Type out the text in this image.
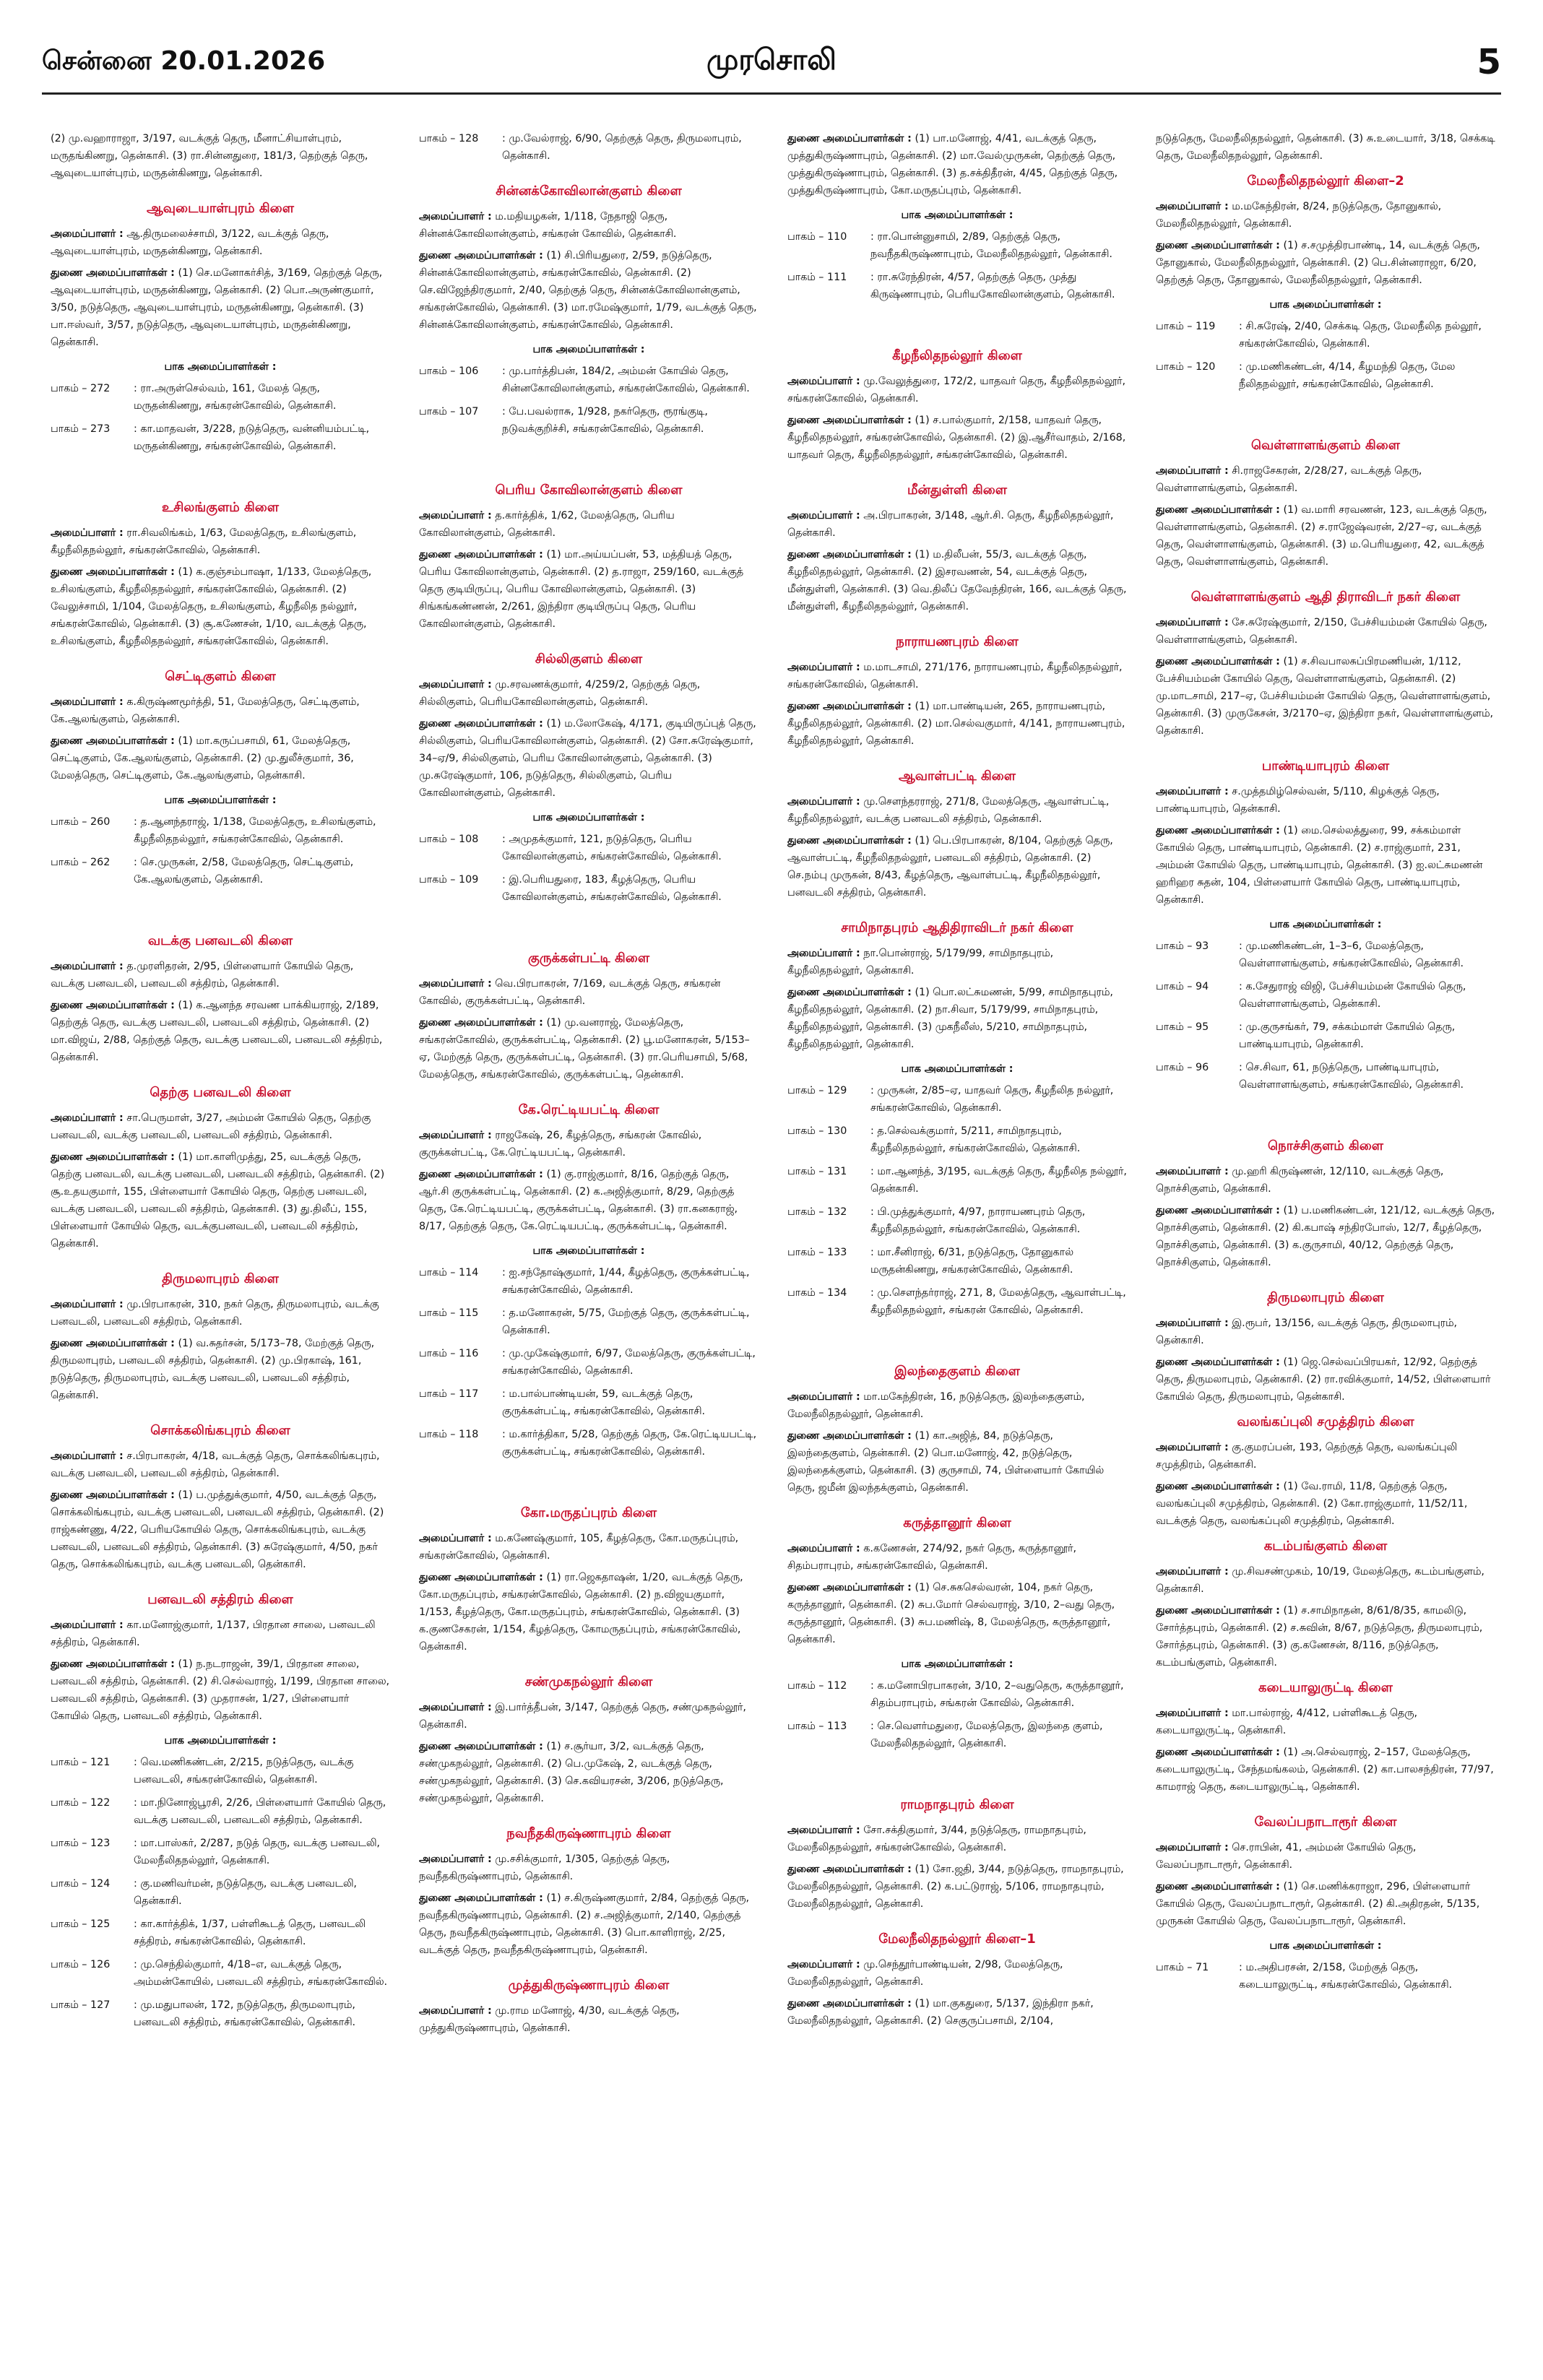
சென்னை 20.01.2026	முரசொலி	5
(2) மு.வஹாராஜா, 3/197, வடக்குத் தெரு, மீனாட்சியாள்புரம், மருதங்கிணறு, தென்காசி. (3) ரா.சின்னதுரை, 181/3, தெற்குத் தெரு, ஆவுடையாள்புரம், மருதன்கிணறு, தென்காசி.
ஆவுடையாள்புரம் கிளை
அமைப்பாளர் : ஆ.திருமலைச்சாமி, 3/122, வடக்குத் தெரு, ஆவுடையாள்புரம், மருதன்கிணறு, தென்காசி.
துணை அமைப்பாளர்கள் : (1) செ.மனோகர்சித், 3/169, தெற்குத் தெரு, ஆவுடையாள்புரம், மருதன்கிணறு, தென்காசி. (2) பொ.அருண்குமார், 3/50, நடுத்தெரு, ஆவுடையாள்புரம், மருதன்கிணறு, தென்காசி. (3) பா.ஈஸ்வர், 3/57, நடுத்தெரு, ஆவுடையாள்புரம், மருதன்கிணறு, தென்காசி.
பாக அமைப்பாளர்கள் :
பாகம் – 272	: ரா.அருள்செல்வம், 161, மேலத் தெரு, மருதன்கிணறு, சங்கரன்கோவில், தென்காசி.
பாகம் – 273	: கா.மாதவன், 3/228, நடுத்தெரு, வன்னியம்பட்டி, மருதன்கிணறு, சங்கரன்கோவில், தென்காசி.
உசிலங்குளம் கிளை
அமைப்பாளர் : ரா.சிவலிங்கம், 1/63, மேலத்தெரு, உசிலங்குளம், கீழநீலிதநல்லூர், சங்கரன்கோவில், தென்காசி.
துணை அமைப்பாளர்கள் : (1) க.குஞ்சம்பாஷா, 1/133, மேலத்தெரு, உசிலங்குளம், கீழநீலிதநல்லூர், சங்கரன்கோவில், தென்காசி. (2) வேலுச்சாமி, 1/104, மேலத்தெரு, உசிலங்குளம், கீழநீலித நல்லூர், சங்கரன்கோவில், தென்காசி. (3) சூ.கணேசன், 1/10, வடக்குத் தெரு, உசிலங்குளம், கீழநீலிதநல்லூர், சங்கரன்கோவில், தென்காசி.
செட்டிகுளம் கிளை
அமைப்பாளர் : க.கிருஷ்ணமூர்த்தி, 51, மேலத்தெரு, செட்டிகுளம், கே.ஆலங்குளம், தென்காசி.
துணை அமைப்பாளர்கள் : (1) மா.கருப்பசாமி, 61, மேலத்தெரு, செட்டிகுளம், கே.ஆலங்குளம், தென்காசி. (2) மு.துலீச்குமார், 36, மேலத்தெரு, செட்டிகுளம், கே.ஆலங்குளம், தென்காசி.
பாக அமைப்பாளர்கள் :
பாகம் – 260	: த.ஆனந்தராஜ், 1/138, மேலத்தெரு, உசிலங்குளம், கீழநீலிதநல்லூர், சங்கரன்கோவில், தென்காசி.
பாகம் – 262	: செ.முருகன், 2/58, மேலத்தெரு, செட்டிகுளம், கே.ஆலங்குளம், தென்காசி.
வடக்கு பனவடலி கிளை
அமைப்பாளர் : த.முரளிதரன், 2/95, பிள்ளையார் கோயில் தெரு, வடக்கு பனவடலி, பனவடலி சத்திரம், தென்காசி.
துணை அமைப்பாளர்கள் : (1) க.ஆனந்த சரவண பாக்கியராஜ், 2/189, தெற்குத் தெரு, வடக்கு பனவடலி, பனவடலி சத்திரம், தென்காசி. (2) மா.விஜய், 2/88, தெற்குத் தெரு, வடக்கு பனவடலி, பனவடலி சத்திரம், தென்காசி.
தெற்கு பனவடலி கிளை
அமைப்பாளர் : சா.பெருமாள், 3/27, அம்மன் கோயில் தெரு, தெற்கு பனவடலி, வடக்கு பனவடலி, பனவடலி சத்திரம், தென்காசி.
துணை அமைப்பாளர்கள் : (1) மா.காளிமுத்து, 25, வடக்குத் தெரு, தெற்கு பனவடலி, வடக்கு பனவடலி, பனவடலி சத்திரம், தென்காசி. (2) சூ.உதயகுமார், 155, பிள்ளையார் கோயில் தெரு, தெற்கு பனவடலி, வடக்கு பனவடலி, பனவடலி சத்திரம், தென்காசி. (3) து.திலீப், 155, பிள்ளையார் கோயில் தெரு, வடக்குபனவடலி, பனவடலி சத்திரம், தென்காசி.
திருமலாபுரம் கிளை
அமைப்பாளர் : மு.பிரபாகரன், 310, நகர் தெரு, திருமலாபுரம், வடக்கு பனவடலி, பனவடலி சத்திரம், தென்காசி.
துணை அமைப்பாளர்கள் : (1) வ.சுதர்சன், 5/173–78, மேற்குத் தெரு, திருமலாபுரம், பனவடலி சத்திரம், தென்காசி. (2) மு.பிரகாஷ், 161, நடுத்தெரு, திருமலாபுரம், வடக்கு பனவடலி, பனவடலி சத்திரம், தென்காசி.
சொக்கலிங்கபுரம் கிளை
அமைப்பாளர் : ச.பிரபாகரன், 4/18, வடக்குத் தெரு, சொக்கலிங்கபுரம், வடக்கு பனவடலி, பனவடலி சத்திரம், தென்காசி.
துணை அமைப்பாளர்கள் : (1) ப.முத்துக்குமார், 4/50, வடக்குத் தெரு, சொக்கலிங்கபுரம், வடக்கு பனவடலி, பனவடலி சத்திரம், தென்காசி. (2) ராஜ்கண்ணு, 4/22, பெரியகோயில் தெரு, சொக்கலிங்கபுரம், வடக்கு பனவடலி, பனவடலி சத்திரம், தென்காசி. (3) சுரேஷ்குமார், 4/50, நகர் தெரு, சொக்கலிங்கபுரம், வடக்கு பனவடலி, தென்காசி.
பனவடலி சத்திரம் கிளை
அமைப்பாளர் : கா.மனோஜ்குமார், 1/137, பிரதான சாலை, பனவடலி சத்திரம், தென்காசி.
துணை அமைப்பாளர்கள் : (1) ந.நடராஜன், 39/1, பிரதான சாலை, பனவடலி சத்திரம், தென்காசி. (2) சி.செல்வராஜ், 1/199, பிரதான சாலை, பனவடலி சத்திரம், தென்காசி. (3) முதராசன், 1/27, பிள்ளையார் கோயில் தெரு, பனவடலி சத்திரம், தென்காசி.
பாக அமைப்பாளர்கள் :
பாகம் – 121	: வெ.மணிகண்டன், 2/215, நடுத்தெரு, வடக்கு பனவடலி, சங்கரன்கோவில், தென்காசி.
பாகம் – 122	: மா.நினோஜ்பூரசி, 2/26, பிள்ளையார் கோயில் தெரு, வடக்கு பனவடலி, பனவடலி சத்திரம், தென்காசி.
பாகம் – 123	: மா.பாஸ்கர், 2/287, நடுத் தெரு, வடக்கு பனவடலி, மேலநீலிதநல்லூர், தென்காசி.
பாகம் – 124	: கு.மணிவர்மன், நடுத்தெரு, வடக்கு பனவடலி, தென்காசி.
பாகம் – 125	: கா.கார்த்திக், 1/37, பள்ளிகூடத் தெரு, பனவடலி சத்திரம், சங்கரன்கோவில், தென்காசி.
பாகம் – 126	: மு.செந்தில்குமார், 4/18–எ, வடக்குத் தெரு, அம்மன்கோயில், பனவடலி சத்திரம், சங்கரன்கோவில்.
பாகம் – 127	: மு.மதுபாலன், 172, நடுத்தெரு, திருமலாபுரம், பனவடலி சத்திரம், சங்கரன்கோவில், தென்காசி.
பாகம் – 128	: மு.வேல்ராஜ், 6/90, தெற்குத் தெரு, திருமலாபுரம், தென்காசி.
சின்னக்கோவிலான்குளம் கிளை
அமைப்பாளர் : ம.மதியழகன், 1/118, நேதாஜி தெரு, சின்னக்கோவிலான்குளம், சங்கரன் கோவில், தென்காசி.
துணை அமைப்பாளர்கள் : (1) சி.பிரியதுரை, 2/59, நடுத்தெரு, சின்னக்கோவிலான்குளம், சங்கரன்கோவில், தென்காசி. (2) செ.விஜேந்திரகுமார், 2/40, தெற்குத் தெரு, சின்னக்கோவிலான்குளம், சங்கரன்கோவில், தென்காசி. (3) மா.ரமேஷ்குமார், 1/79, வடக்குத் தெரு, சின்னக்கோவிலான்குளம், சங்கரன்கோவில், தென்காசி.
பாக அமைப்பாளர்கள் :
பாகம் – 106	: மு.பார்த்திபன், 184/2, அம்மன் கோயில் தெரு, சின்னகோவிலான்குளம், சங்கரன்கோவில், தென்காசி.
பாகம் – 107	: பே.பவல்ராசு, 1/928, நகர்தெரு, ரூரங்குடி, நடுவக்குறிச்சி, சங்கரன்கோவில், தென்காசி.
பெரிய கோவிலான்குளம் கிளை
அமைப்பாளர் : த.கார்த்திக், 1/62, மேலத்தெரு, பெரிய கோவிலான்குளம், தென்காசி.
துணை அமைப்பாளர்கள் : (1) மா.அய்யப்பன், 53, மத்தியத் தெரு, பெரிய கோவிலான்குளம், தென்காசி. (2) த.ராஜா, 259/160, வடக்குத் தெரு குடியிருப்பு, பெரிய கோவிலான்குளம், தென்காசி. (3) சிங்கங்கண்ணன், 2/261, இந்திரா குடியிருப்பு தெரு, பெரிய கோவிலான்குளம், தென்காசி.
சில்லிகுளம் கிளை
அமைப்பாளர் : மு.சரவணக்குமார், 4/259/2, தெற்குத் தெரு, சில்லிகுளம், பெரியகோவிலான்குளம், தென்காசி.
துணை அமைப்பாளர்கள் : (1) ம.லோகேஷ், 4/171, குடியிருப்புத் தெரு, சில்லிகுளம், பெரியகோவிலான்குளம், தென்காசி. (2) சோ.சுரேஷ்குமார், 34–ஏ/9, சில்லிகுளம், பெரிய கோவிலான்குளம், தென்காசி. (3) மு.சுரேஷ்குமார், 106, நடுத்தெரு, சில்லிகுளம், பெரிய கோவிலான்குளம், தென்காசி.
பாக அமைப்பாளர்கள் :
பாகம் – 108	: அமுதக்குமார், 121, நடுத்தெரு, பெரிய கோவிலான்குளம், சங்கரன்கோவில், தென்காசி.
பாகம் – 109	: இ.பெரியதுரை, 183, கீழத்தெரு, பெரிய கோவிலான்குளம், சங்கரன்கோவில், தென்காசி.
குருக்கள்பட்டி கிளை
அமைப்பாளர் : வெ.பிரபாகரன், 7/169, வடக்குத் தெரு, சங்கரன் கோவில், குருக்கள்பட்டி, தென்காசி.
துணை அமைப்பாளர்கள் : (1) மு.வனராஜ், மேலத்தெரு, சங்கரன்கோவில், குருக்கள்பட்டி, தென்காசி. (2) பூ.மனோகரன், 5/153–ஏ, மேற்குத் தெரு, குருக்கள்பட்டி, தென்காசி. (3) ரா.பெரியசாமி, 5/68, மேலத்தெரு, சங்கரன்கோவில், குருக்கள்பட்டி, தென்காசி.
கே.ரெட்டியபட்டி கிளை
அமைப்பாளர் : ராஜகேஷ், 26, கீழத்தெரு, சங்கரன் கோவில், குருக்கள்பட்டி, கே.ரெட்டியபட்டி, தென்காசி.
துணை அமைப்பாளர்கள் : (1) கு.ராஜ்குமார், 8/16, தெற்குத் தெரு, ஆர்.சி குருக்கள்பட்டி, தென்காசி. (2) க.அஜித்குமார், 8/29, தெற்குத் தெரு, கே.ரெட்டியபட்டி, குருக்கள்பட்டி, தென்காசி. (3) ரா.கனகராஜ், 8/17, தெற்குத் தெரு, கே.ரெட்டியபட்டி, குருக்கள்பட்டி, தென்காசி.
பாக அமைப்பாளர்கள் :
பாகம் – 114	: ஐ.சந்தோஷ்குமார், 1/44, கீழத்தெரு, குருக்கள்பட்டி, சங்கரன்கோவில், தென்காசி.
பாகம் – 115	: த.மனோகரன், 5/75, மேற்குத் தெரு, குருக்கள்பட்டி, தென்காசி.
பாகம் – 116	: மு.முகேஷ்குமார், 6/97, மேலத்தெரு, குருக்கள்பட்டி, சங்கரன்கோவில், தென்காசி.
பாகம் – 117	: ம.பால்பாண்டியன், 59, வடக்குத் தெரு, குருக்கள்பட்டி, சங்கரன்கோவில், தென்காசி.
பாகம் – 118	: ம.கார்த்திகா, 5/28, தெற்குத் தெரு, கே.ரெட்டியபட்டி, குருக்கள்பட்டி, சங்கரன்கோவில், தென்காசி.
கோ.மருதப்புரம் கிளை
அமைப்பாளர் : ம.கணேஷ்குமார், 105, கீழத்தெரு, கோ.மருதப்புரம், சங்கரன்கோவில், தென்காசி.
துணை அமைப்பாளர்கள் : (1) ரா.ஜெகதாஷன், 1/20, வடக்குத் தெரு, கோ.மருதப்புரம், சங்கரன்கோவில், தென்காசி. (2) ந.விஜயகுமார், 1/153, கீழத்தெரு, கோ.மருதப்புரம், சங்கரன்கோவில், தென்காசி. (3) க.குணசேகரன், 1/154, கீழத்தெரு, கோமருதப்புரம், சங்கரன்கோவில், தென்காசி.
சண்முகநல்லூர் கிளை
அமைப்பாளர் : இ.பார்த்தீபன், 3/147, தெற்குத் தெரு, சண்முகநல்லூர், தென்காசி.
துணை அமைப்பாளர்கள் : (1) ச.சூர்யா, 3/2, வடக்குத் தெரு, சண்முகநல்லூர், தென்காசி. (2) பெ.முகேஷ், 2, வடக்குத் தெரு, சண்முகநல்லூர், தென்காசி. (3) செ.கவியரசன், 3/206, நடுத்தெரு, சண்முகநல்லூர், தென்காசி.
நவநீதகிருஷ்ணாபுரம் கிளை
அமைப்பாளர் : மு.சசிக்குமார், 1/305, தெற்குத் தெரு, நவநீதகிருஷ்ணாபுரம், தென்காசி.
துணை அமைப்பாளர்கள் : (1) ச.கிருஷ்ணகுமார், 2/84, தெற்குத் தெரு, நவநீதகிருஷ்ணாபுரம், தென்காசி. (2) ச.அஜித்குமார், 2/140, தெற்குத் தெரு, நவநீதகிருஷ்ணாபுரம், தென்காசி. (3) பொ.காளிராஜ், 2/25, வடக்குத் தெரு, நவநீதகிருஷ்ணாபுரம், தென்காசி.
முத்துகிருஷ்ணாபுரம் கிளை
அமைப்பாளர் : மு.ராம மனோஜ், 4/30, வடக்குத் தெரு, முத்துகிருஷ்ணாபுரம், தென்காசி.
துணை அமைப்பாளர்கள் : (1) பா.மனோஜ், 4/41, வடக்குத் தெரு, முத்துகிருஷ்ணாபுரம், தென்காசி. (2) மா.வேல்முருகன், தெற்குத் தெரு, முத்துகிருஷ்ணாபுரம், தென்காசி. (3) த.சக்திதீரன், 4/45, தெற்குத் தெரு, முத்துகிருஷ்ணாபுரம், கோ.மருதப்புரம், தென்காசி.
பாக அமைப்பாளர்கள் :
பாகம் – 110	: ரா.பொன்னுசாமி, 2/89, தெற்குத் தெரு, நவநீதகிருஷ்ணாபுரம், மேலநீலிதநல்லூர், தென்காசி.
பாகம் – 111	: ரா.சுரேந்திரன், 4/57, தெற்குத் தெரு, முத்து கிருஷ்ணாபுரம், பெரியகோவிலான்குளம், தென்காசி.
கீழநீலிதநல்லூர் கிளை
அமைப்பாளர் : மு.வேலுத்துரை, 172/2, யாதவர் தெரு, கீழநீலிதநல்லூர், சங்கரன்கோவில், தென்காசி.
துணை அமைப்பாளர்கள் : (1) ச.பால்குமார், 2/158, யாதவர் தெரு, கீழநீலிதநல்லூர், சங்கரன்கோவில், தென்காசி. (2) இ.ஆசீர்வாதம், 2/168, யாதவர் தெரு, கீழநீலிதநல்லூர், சங்கரன்கோவில், தென்காசி.
மீன்துள்ளி கிளை
அமைப்பாளர் : அ.பிரபாகரன், 3/148, ஆர்.சி. தெரு, கீழநீலிதநல்லூர், தென்காசி.
துணை அமைப்பாளர்கள் : (1) ம.திலீபன், 55/3, வடக்குத் தெரு, கீழநீலிதநல்லூர், தென்காசி. (2) இசரவணன், 54, வடக்குத் தெரு, மீன்துள்ளி, தென்காசி. (3) வெ.திலீப் தேவேந்திரன், 166, வடக்குத் தெரு, மீன்துள்ளி, கீழநீலிதநல்லூர், தென்காசி.
நாராயணபுரம் கிளை
அமைப்பாளர் : ம.மாடசாமி, 271/176, நாராயணபுரம், கீழநீலிதநல்லூர், சங்கரன்கோவில், தென்காசி.
துணை அமைப்பாளர்கள் : (1) மா.பாண்டியன், 265, நாராயணபுரம், கீழநீலிதநல்லூர், தென்காசி. (2) மா.செல்வகுமார், 4/141, நாராயணபுரம், கீழநீலிதநல்லூர், தென்காசி.
ஆவாள்பட்டி கிளை
அமைப்பாளர் : மு.செளந்தரராஜ், 271/8, மேலத்தெரு, ஆவாள்பட்டி, கீழநீலிதநல்லூர், வடக்கு பனவடலி சத்திரம், தென்காசி.
துணை அமைப்பாளர்கள் : (1) பெ.பிரபாகரன், 8/104, தெற்குத் தெரு, ஆவாள்பட்டி, கீழநீலிதநல்லூர், பனவடலி சத்திரம், தென்காசி. (2) செ.நம்பு முருகன், 8/43, கீழத்தெரு, ஆவாள்பட்டி, கீழநீலிதநல்லூர், பனவடலி சத்திரம், தென்காசி.
சாமிநாதபுரம் ஆதிதிராவிடர் நகர் கிளை
அமைப்பாளர் : நா.பொன்ராஜ், 5/179/99, சாமிநாதபுரம், கீழநீலிதநல்லூர், தென்காசி.
துணை அமைப்பாளர்கள் : (1) பொ.லட்சுமணன், 5/99, சாமிநாதபுரம், கீழநீலிதநல்லூர், தென்காசி. (2) நா.சிவா, 5/179/99, சாமிநாதபுரம், கீழநீலிதநல்லூர், தென்காசி. (3) முகநீலீஸ், 5/210, சாமிநாதபுரம், கீழநீலிதநல்லூர், தென்காசி.
பாக அமைப்பாளர்கள் :
பாகம் – 129	: முருகன், 2/85–ஏ, யாதவர் தெரு, கீழநீலித நல்லூர், சங்கரன்கோவில், தென்காசி.
பாகம் – 130	: த.செல்வக்குமார், 5/211, சாமிநாதபுரம், கீழநீலிதநல்லூர், சங்கரன்கோவில், தென்காசி.
பாகம் – 131	: மா.ஆனந்த், 3/195, வடக்குத் தெரு, கீழநீலித நல்லூர், தென்காசி.
பாகம் – 132	: பி.முத்துக்குமார், 4/97, நாராயணபுரம் தெரு, கீழநீலிதநல்லூர், சங்கரன்கோவில், தென்காசி.
பாகம் – 133	: மா.சீனிராஜ், 6/31, நடுத்தெரு, தோனுகால் மருதன்கிணறு, சங்கரன்கோவில், தென்காசி.
பாகம் – 134	: மு.செளந்தர்ராஜ், 271, 8, மேலத்தெரு, ஆவாள்பட்டி, கீழநீலிதநல்லூர், சங்கரன் கோவில், தென்காசி.
இலந்தைகுளம் கிளை
அமைப்பாளர் : மா.மகேந்திரன், 16, நடுத்தெரு, இலந்தைகுளம், மேலநீலிதநல்லூர், தென்காசி.
துணை அமைப்பாளர்கள் : (1) கா.அஜித், 84, நடுத்தெரு, இலந்தைகுளம், தென்காசி. (2) பொ.மனோஜ், 42, நடுத்தெரு, இலந்தைக்குளம், தென்காசி. (3) குருசாமி, 74, பிள்ளையார் கோயில் தெரு, ஜமீன் இலந்தக்குளம், தென்காசி.
கருத்தானூர் கிளை
அமைப்பாளர் : க.கணேசன், 274/92, நகர் தெரு, கருத்தானூர், சிதம்பராபுரம், சங்கரன்கோவில், தென்காசி.
துணை அமைப்பாளர்கள் : (1) செ.சுகசெல்வரன், 104, நகர் தெரு, கருத்தானூர், தென்காசி. (2) சுப.மோர் செல்வராஜ், 3/10, 2–வது தெரு, கருத்தானூர், தென்காசி. (3) சுப.மணிஷ், 8, மேலத்தெரு, கருத்தானூர், தென்காசி.
பாக அமைப்பாளர்கள் :
பாகம் – 112	: க.மனோபிரபாகரன், 3/10, 2–வதுதெரு, கருத்தானூர், சிதம்பராபுரம், சங்கரன் கோவில், தென்காசி.
பாகம் – 113	: செ.வெளர்மதுரை, மேலத்தெரு, இலந்தை குளம், மேலநீலிதநல்லூர், தென்காசி.
ராமநாதபுரம் கிளை
அமைப்பாளர் : சோ.சக்திகுமார், 3/44, நடுத்தெரு, ராமநாதபுரம், மேலநீலிதநல்லூர், சங்கரன்கோவில், தென்காசி.
துணை அமைப்பாளர்கள் : (1) சோ.ஜதி, 3/44, நடுத்தெரு, ராமநாதபுரம், மேலநீலிதநல்லூர், தென்காசி. (2) க.பட்டுராஜ், 5/106, ராமநாதபுரம், மேலநீலிதநல்லூர், தென்காசி.
மேலநீலிதநல்லூர் கிளை–1
அமைப்பாளர் : மு.செந்தூர்பாண்டியன், 2/98, மேலத்தெரு, மேலநீலிதநல்லூர், தென்காசி.
துணை அமைப்பாளர்கள் : (1) மா.குகதுரை, 5/137, இந்திரா நகர், மேலநீலிதநல்லூர், தென்காசி. (2) செகுருப்பசாமி, 2/104,
நடுத்தெரு, மேலநீலிதநல்லூர், தென்காசி. (3) சு.உடையார், 3/18, செக்கடி தெரு, மேலநீலிதநல்லூர், தென்காசி.
மேலநீலிதநல்லூர் கிளை–2
அமைப்பாளர் : ம.மகேந்திரன், 8/24, நடுத்தெரு, தோனுகால், மேலநீலிதநல்லூர், தென்காசி.
துணை அமைப்பாளர்கள் : (1) ச.சமுத்திரபாண்டி, 14, வடக்குத் தெரு, தோனுகால், மேலநீலிதநல்லூர், தென்காசி. (2) பெ.சின்னராஜா, 6/20, தெற்குத் தெரு, தோனுகால், மேலநீலிதநல்லூர், தென்காசி.
பாக அமைப்பாளர்கள் :
பாகம் – 119	: சி.சுரேஷ், 2/40, செக்கடி தெரு, மேலநீலித நல்லூர், சங்கரன்கோவில், தென்காசி.
பாகம் – 120	: மு.மணிகண்டன், 4/14, கீழமந்தி தெரு, மேல நீலிதநல்லூர், சங்கரன்கோவில், தென்காசி.
வெள்ளாளங்குளம் கிளை
அமைப்பாளர் : சி.ராஜசேகரன், 2/28/27, வடக்குத் தெரு, வெள்ளாளங்குளம், தென்காசி.
துணை அமைப்பாளர்கள் : (1) வ.மாரி சரவணன், 123, வடக்குத் தெரு, வெள்ளாளங்குளம், தென்காசி. (2) ச.ராஜேஷ்வரன், 2/27–ஏ, வடக்குத் தெரு, வெள்ளாளங்குளம், தென்காசி. (3) ம.பெரியதுரை, 42, வடக்குத் தெரு, வெள்ளாளங்குளம், தென்காசி.
வெள்ளாளங்குளம் ஆதி திராவிடர் நகர் கிளை
அமைப்பாளர் : சே.சுரேஷ்குமார், 2/150, பேச்சியம்மன் கோயில் தெரு, வெள்ளாளங்குளம், தென்காசி.
துணை அமைப்பாளர்கள் : (1) ச.சிவபாலசுப்பிரமணியன், 1/112, பேச்சியம்மன் கோயில் தெரு, வெள்ளாளங்குளம், தென்காசி. (2) மு.மாடசாமி, 217–ஏ, பேச்சியம்மன் கோயில் தெரு, வெள்ளாளங்குளம், தென்காசி. (3) முருகேசன், 3/2170–ஏ, இந்திரா நகர், வெள்ளாளங்குளம், தென்காசி.
பாண்டியாபுரம் கிளை
அமைப்பாளர் : ச.முத்தமிழ்செல்வன், 5/110, கிழக்குத் தெரு, பாண்டியாபுரம், தென்காசி.
துணை அமைப்பாளர்கள் : (1) மை.செல்லத்துரை, 99, சக்கம்மாள் கோயில் தெரு, பாண்டியாபுரம், தென்காசி. (2) ச.ராஜ்குமார், 231, அம்மன் கோயில் தெரு, பாண்டியாபுரம், தென்காசி. (3) ஐ.லட்சுமணன் ஹரிஹர சுதன், 104, பிள்ளையார் கோயில் தெரு, பாண்டியாபுரம், தென்காசி.
பாக அமைப்பாளர்கள் :
பாகம் – 93	: மு.மணிகண்டன், 1–3–6, மேலத்தெரு, வெள்ளாளங்குளம், சங்கரன்கோவில், தென்காசி.
பாகம் – 94	: க.சேதுராஜ் விஜி, பேச்சியம்மன் கோயில் தெரு, வெள்ளாளங்குளம், தென்காசி.
பாகம் – 95	: மு.குருசங்கர், 79, சக்கம்மாள் கோயில் தெரு, பாண்டியாபுரம், தென்காசி.
பாகம் – 96	: செ.சிவா, 61, நடுத்தெரு, பாண்டியாபுரம், வெள்ளாளங்குளம், சங்கரன்கோவில், தென்காசி.
நொச்சிகுளம் கிளை
அமைப்பாளர் : மு.ஹரி கிருஷ்ணன், 12/110, வடக்குத் தெரு, நொச்சிகுளம், தென்காசி.
துணை அமைப்பாளர்கள் : (1) ப.மணிகண்டன், 121/12, வடக்குத் தெரு, நொச்சிகுளம், தென்காசி. (2) கி.கபாஷ் சந்திரபோஸ், 12/7, கீழத்தெரு, நொச்சிகுளம், தென்காசி. (3) க.குருசாமி, 40/12, தெற்குத் தெரு, நொச்சிகுளம், தென்காசி.
திருமலாபுரம் கிளை
அமைப்பாளர் : இ.ரூபர், 13/156, வடக்குத் தெரு, திருமலாபுரம், தென்காசி.
துணை அமைப்பாளர்கள் : (1) ஜெ.செல்வப்பிரயகர், 12/92, தெற்குத் தெரு, திருமலாபுரம், தென்காசி. (2) ரா.ரவிக்குமார், 14/52, பிள்ளையார் கோயில் தெரு, திருமலாபுரம், தென்காசி.
வலங்கப்புலி சமுத்திரம் கிளை
அமைப்பாளர் : கு.குமரப்பன், 193, தெற்குத் தெரு, வலங்கப்புலி சமுத்திரம், தென்காசி.
துணை அமைப்பாளர்கள் : (1) வே.ராமி, 11/8, தெற்குத் தெரு, வலங்கப்புலி சமுத்திரம், தென்காசி. (2) கோ.ராஜ்குமார், 11/52/11, வடக்குத் தெரு, வலங்கப்புலி சமுத்திரம், தென்காசி.
கடம்பங்குளம் கிளை
அமைப்பாளர் : மு.சிவசண்முகம், 10/19, மேலத்தெரு, கடம்பங்குளம், தென்காசி.
துணை அமைப்பாளர்கள் : (1) ச.சாமிநாதன், 8/61/8/35, காமலிடு, சோர்த்தபுரம், தென்காசி. (2) ச.சுவின், 8/67, நடுத்தெரு, திருமலாபுரம், சோர்த்தபுரம், தென்காசி. (3) கு.கணேசன், 8/116, நடுத்தெரு, கடம்பங்குளம், தென்காசி.
கடையாலுருட்டி கிளை
அமைப்பாளர் : மா.பால்ராஜ், 4/412, பள்ளிகூடத் தெரு, கடையாலுருட்டி, தென்காசி.
துணை அமைப்பாளர்கள் : (1) அ.செல்வராஜ், 2–157, மேலத்தெரு, கடையாலுருட்டி, சேந்தமங்கலம், தென்காசி. (2) கா.பாலசந்திரன், 77/97, காமராஜ் தெரு, கடையாலுருட்டி, தென்காசி.
வேலப்பநாடாரூர் கிளை
அமைப்பாளர் : செ.ராபின், 41, அம்மன் கோயில் தெரு, வேலப்பநாடாரூர், தென்காசி.
துணை அமைப்பாளர்கள் : (1) செ.மணிக்கராஜா, 296, பிள்ளையார் கோயில் தெரு, வேலப்பநாடாரூர், தென்காசி. (2) கி.அதிரதன், 5/135, முருகன் கோயில் தெரு, வேலப்பநாடாரூர், தென்காசி.
பாக அமைப்பாளர்கள் :
பாகம் – 71	: ம.அதிபரசன், 2/158, மேற்குத் தெரு, கடையாலுருட்டி, சங்கரன்கோவில், தென்காசி.
